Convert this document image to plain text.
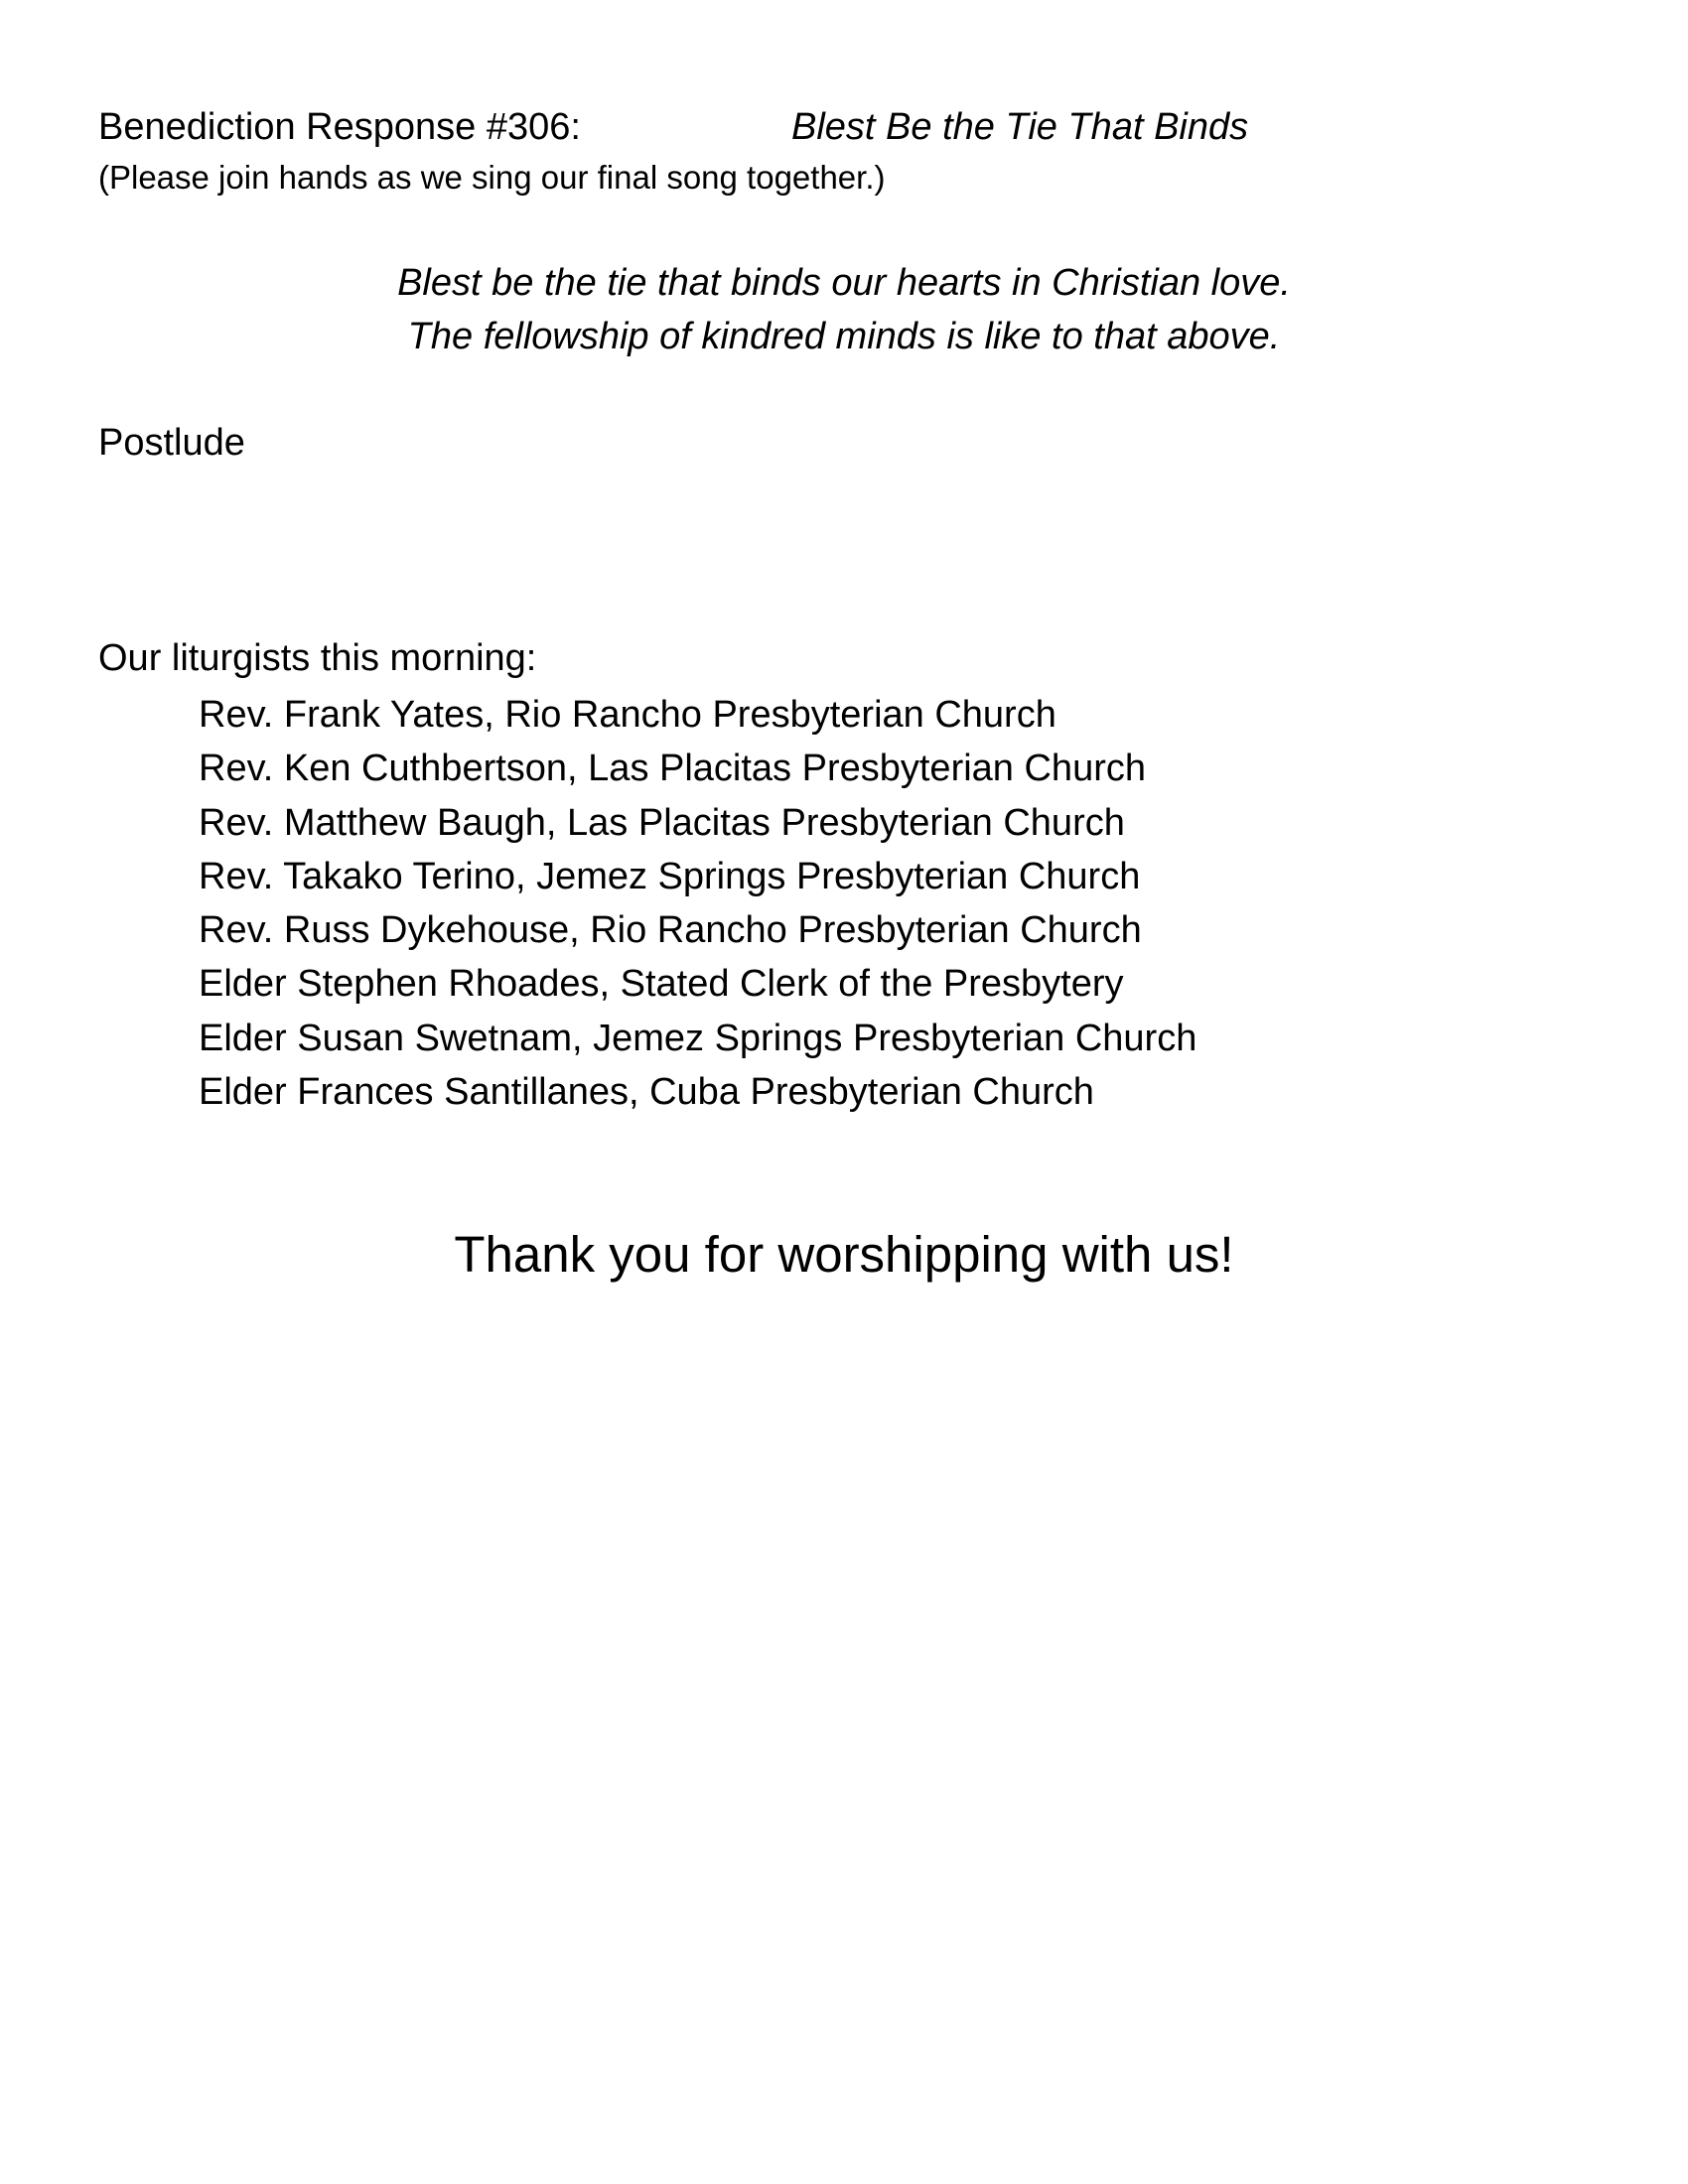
Benediction Response #306:	Blest Be the Tie That Binds
(Please join hands as we sing our final song together.)
Blest be the tie that binds our hearts in Christian love.
The fellowship of kindred minds is like to that above.
Postlude
Our liturgists this morning:
Rev. Frank Yates, Rio Rancho Presbyterian Church
Rev. Ken Cuthbertson, Las Placitas Presbyterian Church
Rev. Matthew Baugh, Las Placitas Presbyterian Church
Rev. Takako Terino, Jemez Springs Presbyterian Church
Rev. Russ Dykehouse, Rio Rancho Presbyterian Church
Elder Stephen Rhoades, Stated Clerk of the Presbytery
Elder Susan Swetnam, Jemez Springs Presbyterian Church
Elder Frances Santillanes, Cuba Presbyterian Church
Thank you for worshipping with us!
